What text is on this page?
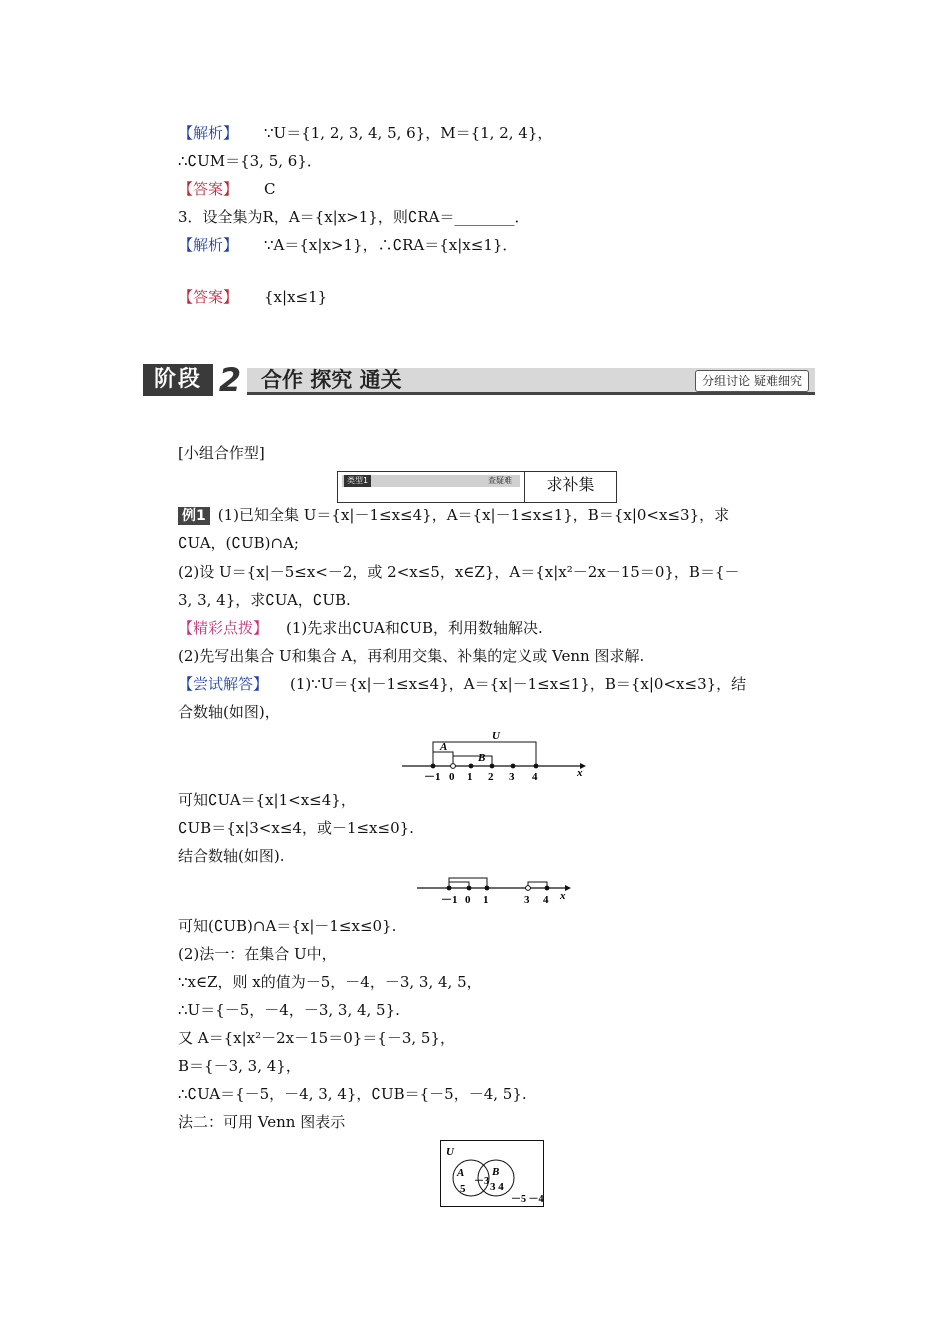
【解析】 ∵U＝{1, 2, 3, 4, 5, 6}，M＝{1, 2, 4}，
∴∁UM＝{3, 5, 6}．
【答案】 C
3．设全集为R，A＝{x|x>1}，则∁RA＝________．
【解析】 ∵A＝{x|x>1}，∴∁RA＝{x|x≤1}．
【答案】 {x|x≤1}
阶段 2 合作 探究 通关	分组讨论 疑难细究
[小组合作型]
类型1	查疑难	求补集
例1 (1)已知全集 U＝{x|－1≤x≤4}，A＝{x|－1≤x≤1}，B＝{x|0<x≤3}，求
∁UA，(∁UB)∩A;
(2)设 U＝{x|－5≤x<－2，或 2<x≤5，x∈Z}，A＝{x|x²－2x－15＝0}，B＝{－
3, 3, 4}，求∁UA，∁UB.
【精彩点拨】 (1)先求出∁UA和∁UB，利用数轴解决.
(2)先写出集合 U和集合 A，再利用交集、补集的定义或 Venn 图求解.
【尝试解答】 (1)∵U＝{x|－1≤x≤4}，A＝{x|－1≤x≤1}，B＝{x|0<x≤3}，结
合数轴(如图)，
U
A
B
x
－1 0 1 2 3 4
可知∁UA＝{x|1<x≤4}，
∁UB＝{x|3<x≤4，或－1≤x≤0}.
结合数轴(如图).
－1 0 1	3 4 x
可知(∁UB)∩A＝{x|－1≤x≤0}.
(2)法一：在集合 U中，
∵x∈Z，则 x的值为－5，－4，－3, 3, 4, 5，
∴U＝{－5，－4，－3, 3, 4, 5}.
又 A＝{x|x²－2x－15＝0}＝{－3, 5}，
B＝{－3, 3, 4}，
∴∁UA＝{－5，－4, 3, 4}，∁UB＝{－5，－4, 5}.
法二：可用 Venn 图表示
U
A	B
5
－3 3 4
－5 －4
